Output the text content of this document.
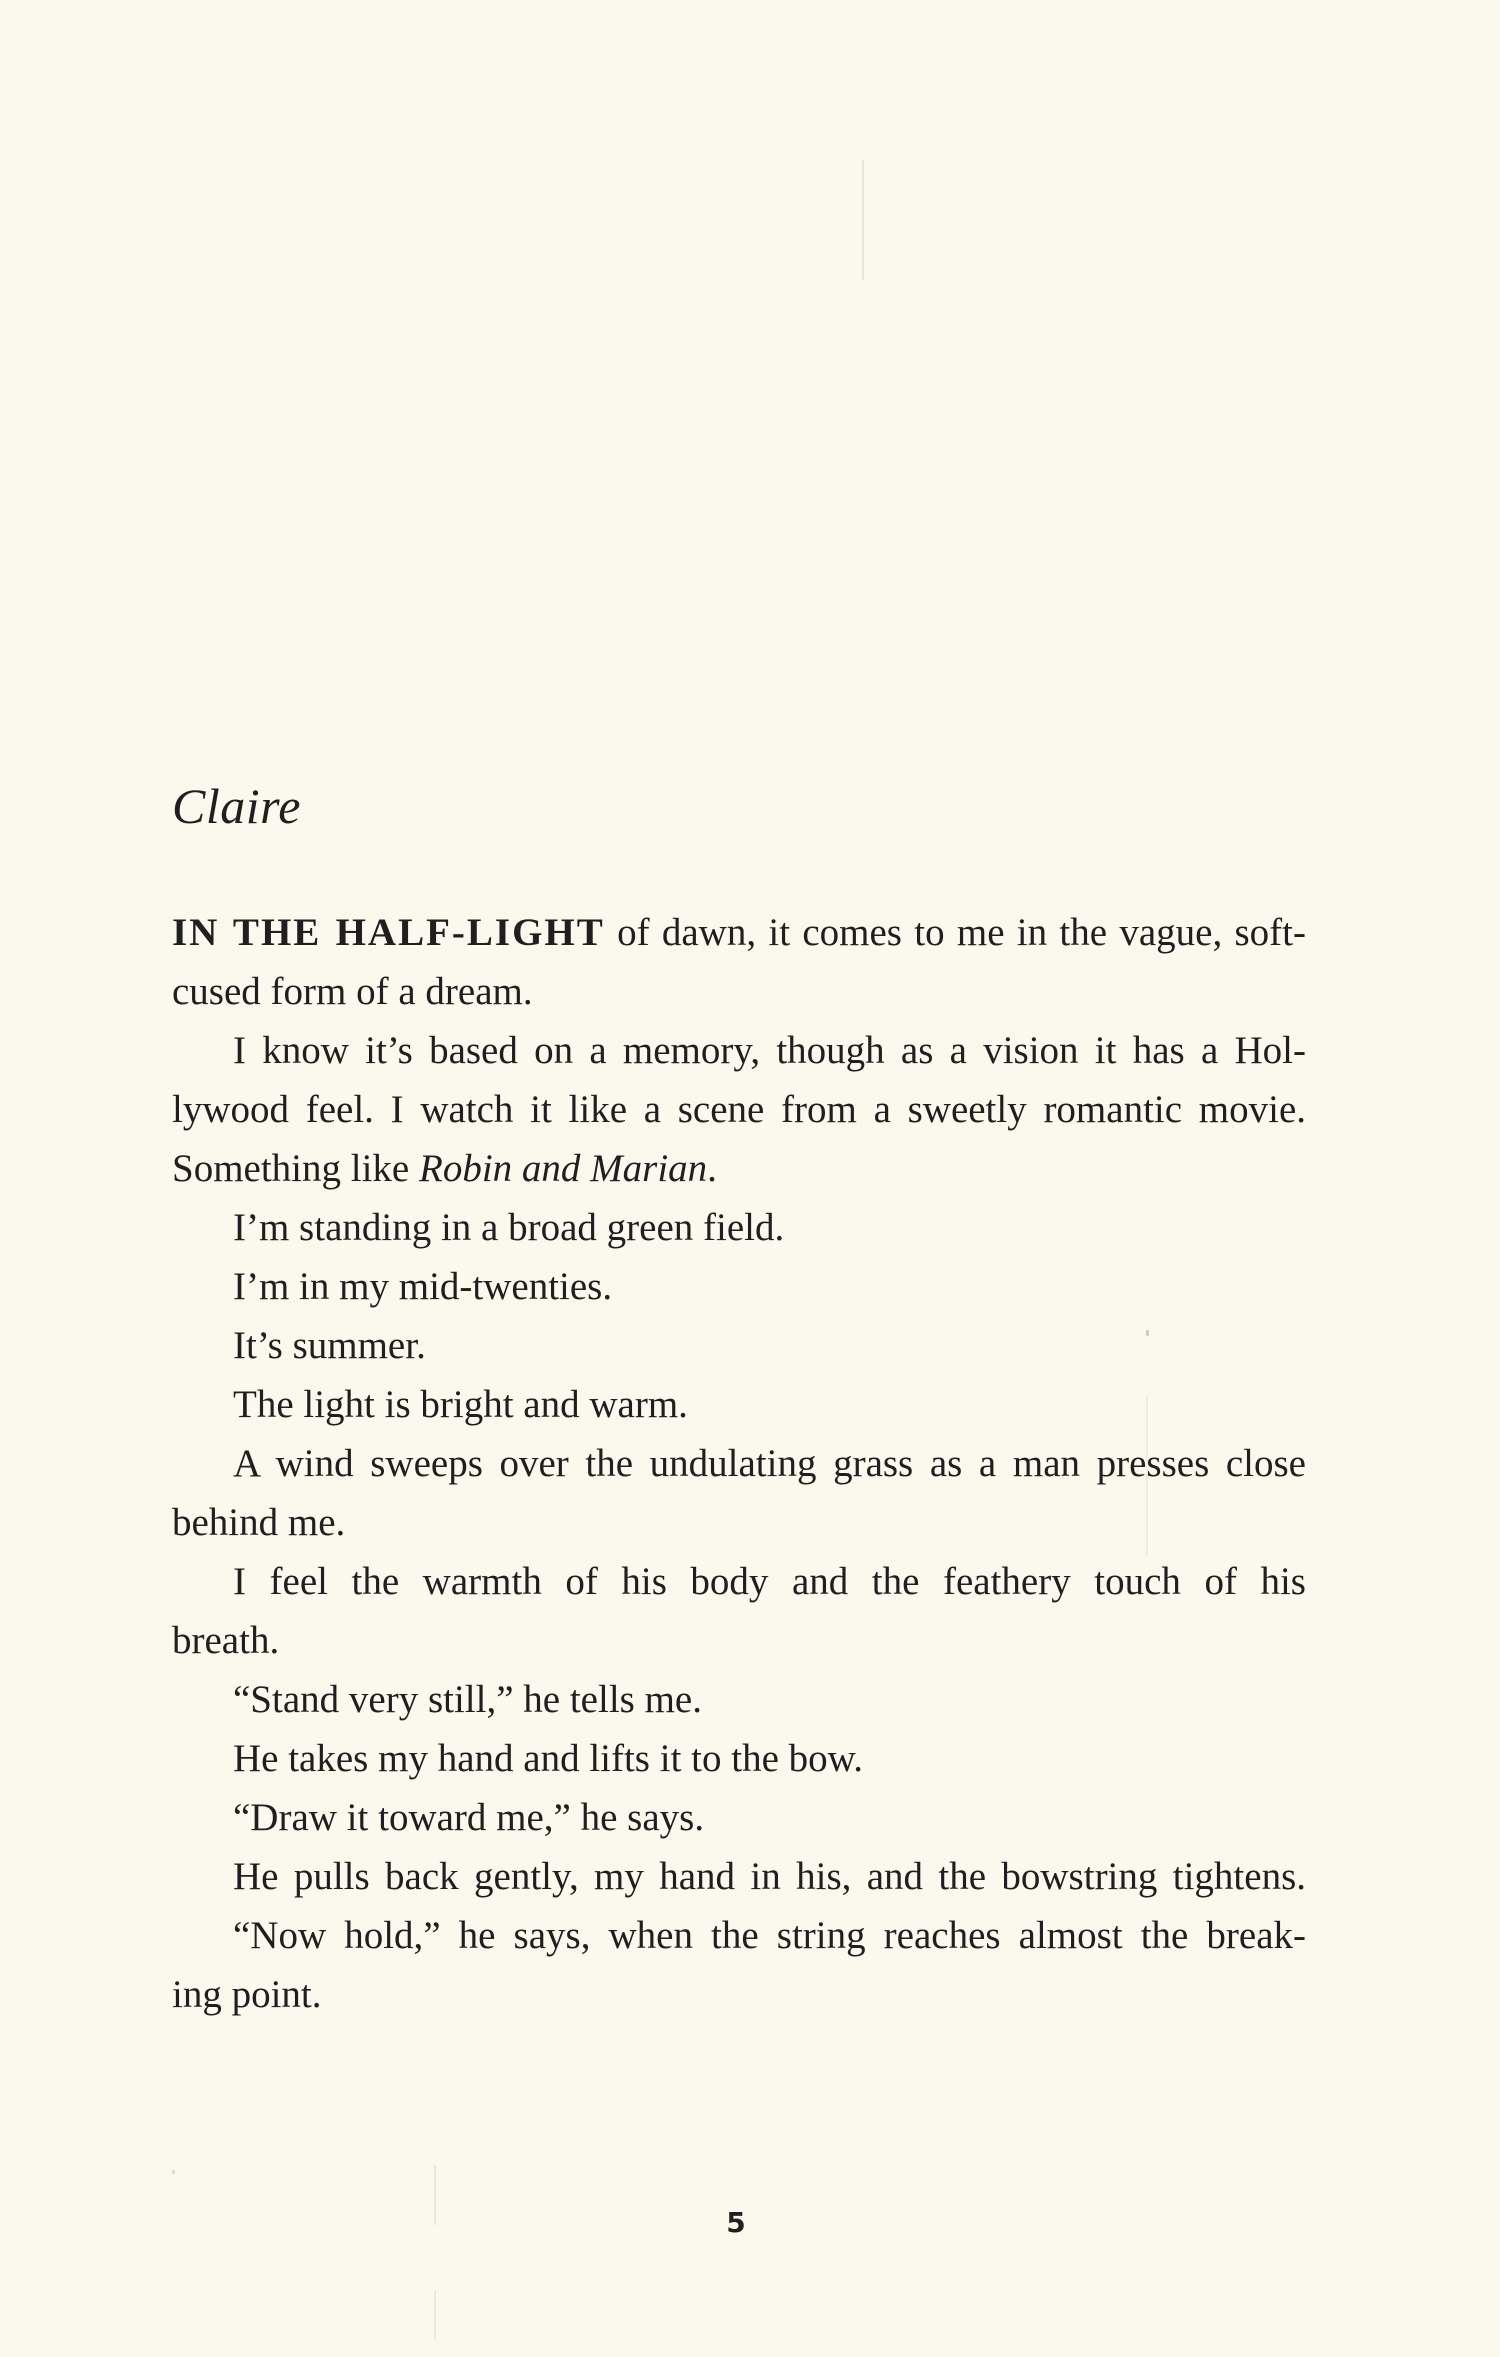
Claire
IN THE HALF-LIGHT of dawn, it comes to me in the vague, soft-
cused form of a dream.
I know it’s based on a memory, though as a vision it has a Hol-
lywood feel. I watch it like a scene from a sweetly romantic movie.
Something like Robin and Marian.
I’m standing in a broad green field.
I’m in my mid-twenties.
It’s summer.
The light is bright and warm.
A wind sweeps over the undulating grass as a man presses close
behind me.
I feel the warmth of his body and the feathery touch of his
breath.
“Stand very still,” he tells me.
He takes my hand and lifts it to the bow.
“Draw it toward me,” he says.
He pulls back gently, my hand in his, and the bowstring tightens.
“Now hold,” he says, when the string reaches almost the break-
ing point.
5
